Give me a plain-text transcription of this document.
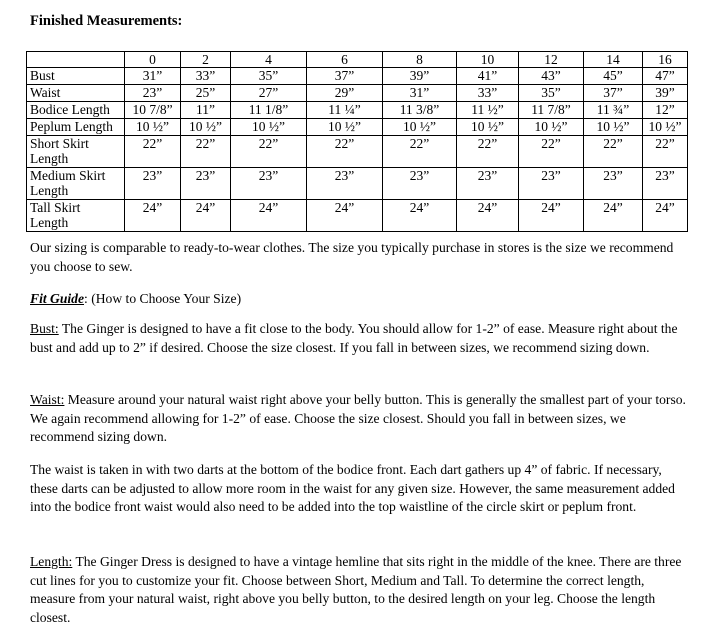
Finished Measurements:
	0	2	4	6	8	10	12	14	16
Bust	31”	33”	35”	37”	39”	41”	43”	45”	47”
Waist	23”	25”	27”	29”	31”	33”	35”	37”	39”
Bodice Length	10 7/8”	11”	11 1/8”	11 ¼”	11 3/8”	11 ½”	11 7/8”	11 ¾”	12”
Peplum Length	10 ½”	10 ½”	10 ½”	10 ½”	10 ½”	10 ½”	10 ½”	10 ½”	10 ½”
Short Skirt Length	22”	22”	22”	22”	22”	22”	22”	22”	22”
Medium Skirt Length	23”	23”	23”	23”	23”	23”	23”	23”	23”
Tall Skirt Length	24”	24”	24”	24”	24”	24”	24”	24”	24”

Our sizing is comparable to ready-to-wear clothes. The size you typically purchase in stores is the size we recommend you choose to sew.

Fit Guide: (How to Choose Your Size)

Bust: The Ginger is designed to have a fit close to the body. You should allow for 1-2” of ease. Measure right about the bust and add up to 2” if desired. Choose the size closest. If you fall in between sizes, we recommend sizing down.

Waist: Measure around your natural waist right above your belly button. This is generally the smallest part of your torso. We again recommend allowing for 1-2” of ease. Choose the size closest. Should you fall in between sizes, we recommend sizing down.

The waist is taken in with two darts at the bottom of the bodice front. Each dart gathers up 4” of fabric. If necessary, these darts can be adjusted to allow more room in the waist for any given size. However, the same measurement added into the bodice front waist would also need to be added into the top waistline of the circle skirt or peplum front.

Length: The Ginger Dress is designed to have a vintage hemline that sits right in the middle of the knee. There are three cut lines for you to customize your fit. Choose between Short, Medium and Tall. To determine the correct length, measure from your natural waist, right above you belly button, to the desired length on your leg. Choose the length closest.
